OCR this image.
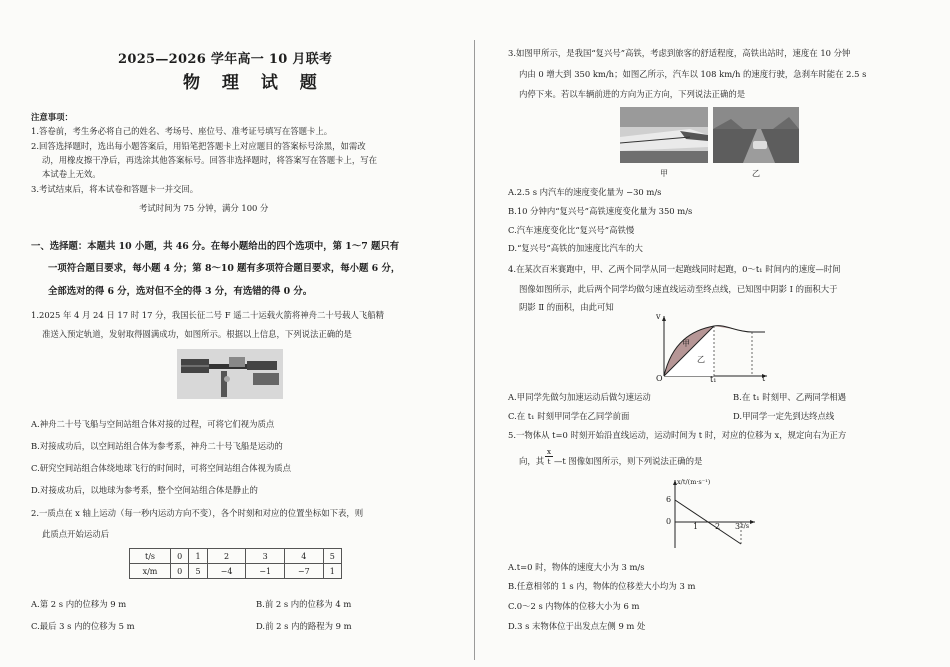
2025—2026 学年高一 10 月联考
物 理 试 题
注意事项：
1.答卷前，考生务必将自己的姓名、考场号、座位号、准考证号填写在答题卡上。
2.回答选择题时，选出每小题答案后，用铅笔把答题卡上对应题目的答案标号涂黑，如需改
动，用橡皮擦干净后，再选涂其他答案标号。回答非选择题时，将答案写在答题卡上，写在
本试卷上无效。
3.考试结束后，将本试卷和答题卡一并交回。
考试时间为 75 分钟，满分 100 分
一、选择题：本题共 10 小题，共 46 分。在每小题给出的四个选项中，第 1～7 题只有
一项符合题目要求，每小题 4 分；第 8～10 题有多项符合题目要求，每小题 6 分，
全部选对的得 6 分，选对但不全的得 3 分，有选错的得 0 分。
1.2025 年 4 月 24 日 17 时 17 分，我国长征二号 F 遥二十运载火箭将神舟二十号载人飞船精
准送入预定轨道，发射取得圆满成功，如图所示。根据以上信息，下列说法正确的是
A.神舟二十号飞船与空间站组合体对接的过程，可将它们视为质点
B.对接成功后，以空间站组合体为参考系，神舟二十号飞船是运动的
C.研究空间站组合体绕地球飞行的时间时，可将空间站组合体视为质点
D.对接成功后，以地球为参考系，整个空间站组合体是静止的
2.一质点在 x 轴上运动（每一秒内运动方向不变），各个时刻和对应的位置坐标如下表，则
此质点开始运动后
t/s	0	1	2	3	4	5
x/m	0	5	−4	−1	−7	1
A.第 2 s 内的位移为 9 m	B.前 2 s 内的位移为 4 m
C.最后 3 s 内的位移为 5 m	D.前 2 s 内的路程为 9 m
3.如图甲所示，是我国“复兴号”高铁，考虑到旅客的舒适程度，高铁出站时，速度在 10 分钟
内由 0 增大到 350 km/h；如图乙所示，汽车以 108 km/h 的速度行驶，急刹车时能在 2.5 s
内停下来。若以车辆前进的方向为正方向，下列说法正确的是
甲	乙
A.2.5 s 内汽车的速度变化量为 −30 m/s
B.10 分钟内“复兴号”高铁速度变化量为 350 m/s
C.汽车速度变化比“复兴号”高铁慢
D.“复兴号”高铁的加速度比汽车的大
4.在某次百米赛跑中，甲、乙两个同学从同一起跑线同时起跑，0～t₁ 时间内的速度—时间
图像如图所示，此后两个同学均做匀速直线运动至终点线，已知图中阴影 Ⅰ 的面积大于
阴影 Ⅱ 的面积，由此可知
v
O	t₁	t
甲
乙
A.甲同学先做匀加速运动后做匀速运动	B.在 t₁ 时刻甲、乙两同学相遇
C.在 t₁ 时刻甲同学在乙同学前面	D.甲同学一定先到达终点线
5.一物体从 t=0 时刻开始沿直线运动，运动时间为 t 时，对应的位移为 x，规定向右为正方
向，其 $\frac{x}{t}$ —t 图像如图所示，则下列说法正确的是
x/t/(m·s⁻¹)
6
0
1 2 3 t/s
A.t=0 时，物体的速度大小为 3 m/s
B.任意相邻的 1 s 内，物体的位移差大小均为 3 m
C.0～2 s 内物体的位移大小为 6 m
D.3 s 末物体位于出发点左侧 9 m 处
